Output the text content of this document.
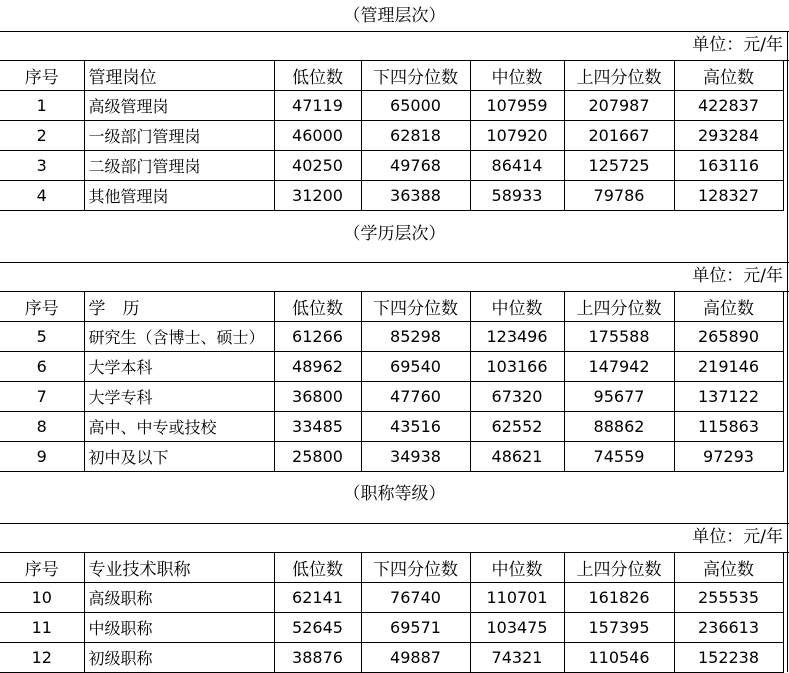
（管理层次）
单位：元/年
序号	管理岗位	低位数	下四分位数	中位数	上四分位数	高位数
1	高级管理岗	47119	65000	107959	207987	422837
2	一级部门管理岗	46000	62818	107920	201667	293284
3	二级部门管理岗	40250	49768	86414	125725	163116
4	其他管理岗	31200	36388	58933	79786	128327
（学历层次）
单位：元/年
序号	学　历	低位数	下四分位数	中位数	上四分位数	高位数
5	研究生（含博士、硕士）	61266	85298	123496	175588	265890
6	大学本科	48962	69540	103166	147942	219146
7	大学专科	36800	47760	67320	95677	137122
8	高中、中专或技校	33485	43516	62552	88862	115863
9	初中及以下	25800	34938	48621	74559	97293
（职称等级）
单位：元/年
序号	专业技术职称	低位数	下四分位数	中位数	上四分位数	高位数
10	高级职称	62141	76740	110701	161826	255535
11	中级职称	52645	69571	103475	157395	236613
12	初级职称	38876	49887	74321	110546	152238
